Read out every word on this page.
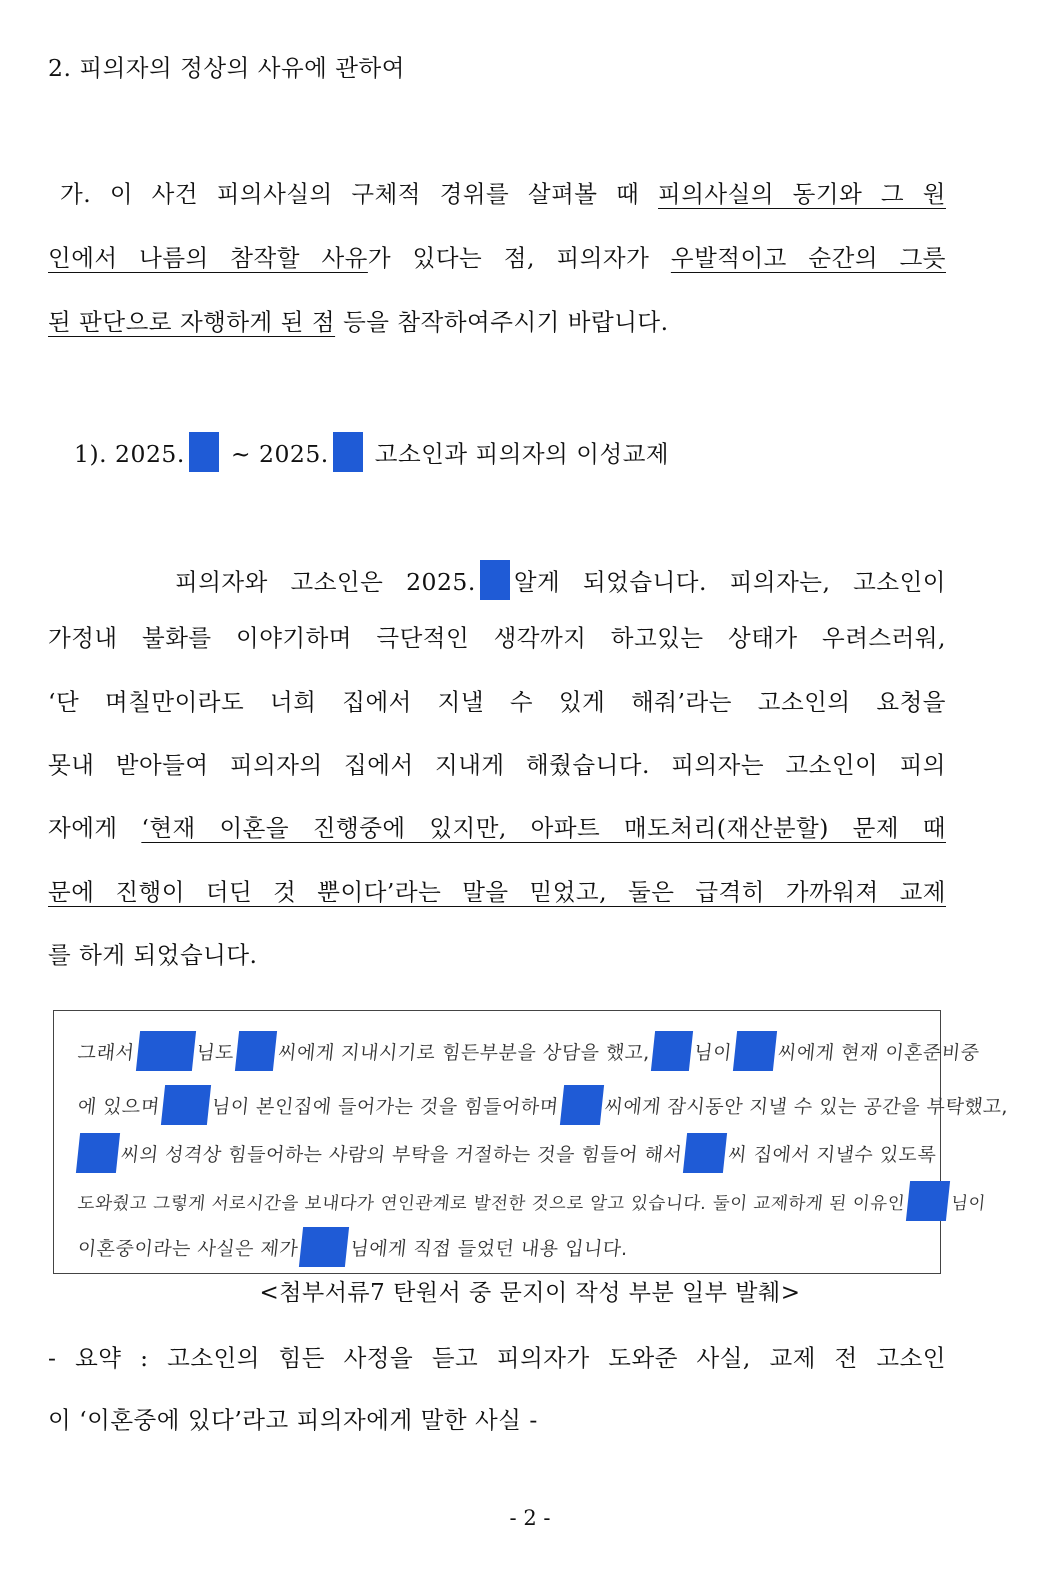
2. 피의자의 정상의 사유에 관하여
가. 이 사건 피의사실의 구체적 경위를 살펴볼 때 피의사실의 동기와 그 원
인에서 나름의 참작할 사유가 있다는 점, 피의자가 우발적이고 순간의 그릇
된 판단으로 자행하게 된 점 등을 참작하여주시기 바랍니다.
1). 2025. ~ 2025. 고소인과 피의자의 이성교제
피의자와 고소인은 2025. 알게 되었습니다. 피의자는, 고소인이
가정내 불화를 이야기하며 극단적인 생각까지 하고있는 상태가 우려스러워,
‘단 며칠만이라도 너희 집에서 지낼 수 있게 해줘’라는 고소인의 요청을
못내 받아들여 피의자의 집에서 지내게 해줬습니다. 피의자는 고소인이 피의
자에게 ‘현재 이혼을 진행중에 있지만, 아파트 매도처리(재산분할) 문제 때
문에 진행이 더딘 것 뿐이다’라는 말을 믿었고, 둘은 급격히 가까워져 교제
를 하게 되었습니다.
그래서	님도 씨에게 지내시기로 힘든부분을 상담을 했고, 님이 씨에게 현재 이혼준비중
에 있으며	님이 본인집에 들어가는 것을 힘들어하며 씨에게 잠시동안 지낼 수 있는 공간을 부탁했고,
씨의 성격상 힘들어하는 사람의 부탁을 거절하는 것을 힘들어 해서 씨 집에서 지낼수 있도록
도와줬고 그렇게 서로시간을 보내다가 연인관계로 발전한 것으로 알고 있습니다. 둘이 교제하게 된 이유인	님이
이혼중이라는 사실은 제가	님에게 직접 들었던 내용 입니다.
<첨부서류7 탄원서 중 문지이 작성 부분 일부 발췌>
- 요약 : 고소인의 힘든 사정을 듣고 피의자가 도와준 사실, 교제 전 고소인
이 ‘이혼중에 있다’라고 피의자에게 말한 사실 -
- 2 -
